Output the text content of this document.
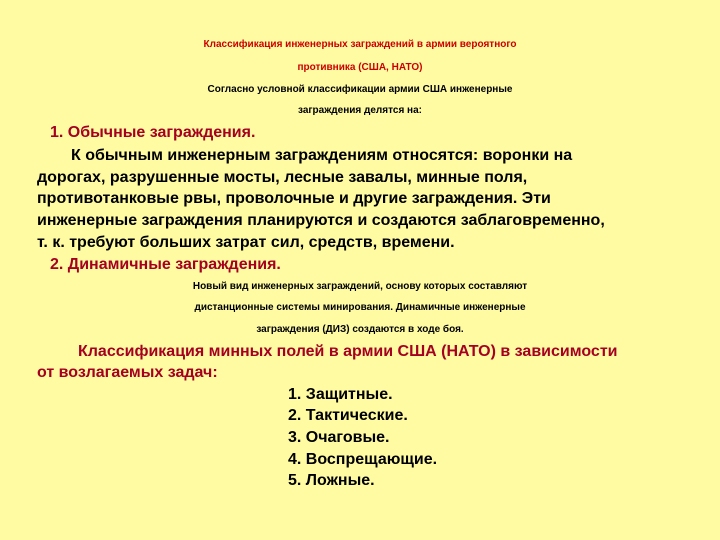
Классификация инженерных заграждений в армии вероятного
противника (США, НАТО)
Согласно условной классификации армии США инженерные
заграждения делятся на:
1. Обычные заграждения.
К обычным инженерным заграждениям относятся: воронки на
дорогах, разрушенные мосты, лесные завалы, минные поля,
противотанковые рвы, проволочные и другие заграждения. Эти
инженерные заграждения планируются и создаются заблаговременно,
т. к. требуют больших затрат сил, средств, времени.
2. Динамичные заграждения.
Новый вид инженерных заграждений, основу которых составляют
дистанционные системы минирования. Динамичные инженерные
заграждения (ДИЗ) создаются в ходе боя.
Классификация минных полей в армии США (НАТО) в зависимости
от возлагаемых задач:
1. Защитные.
2. Тактические.
3. Очаговые.
4. Воспрещающие.
5. Ложные.
